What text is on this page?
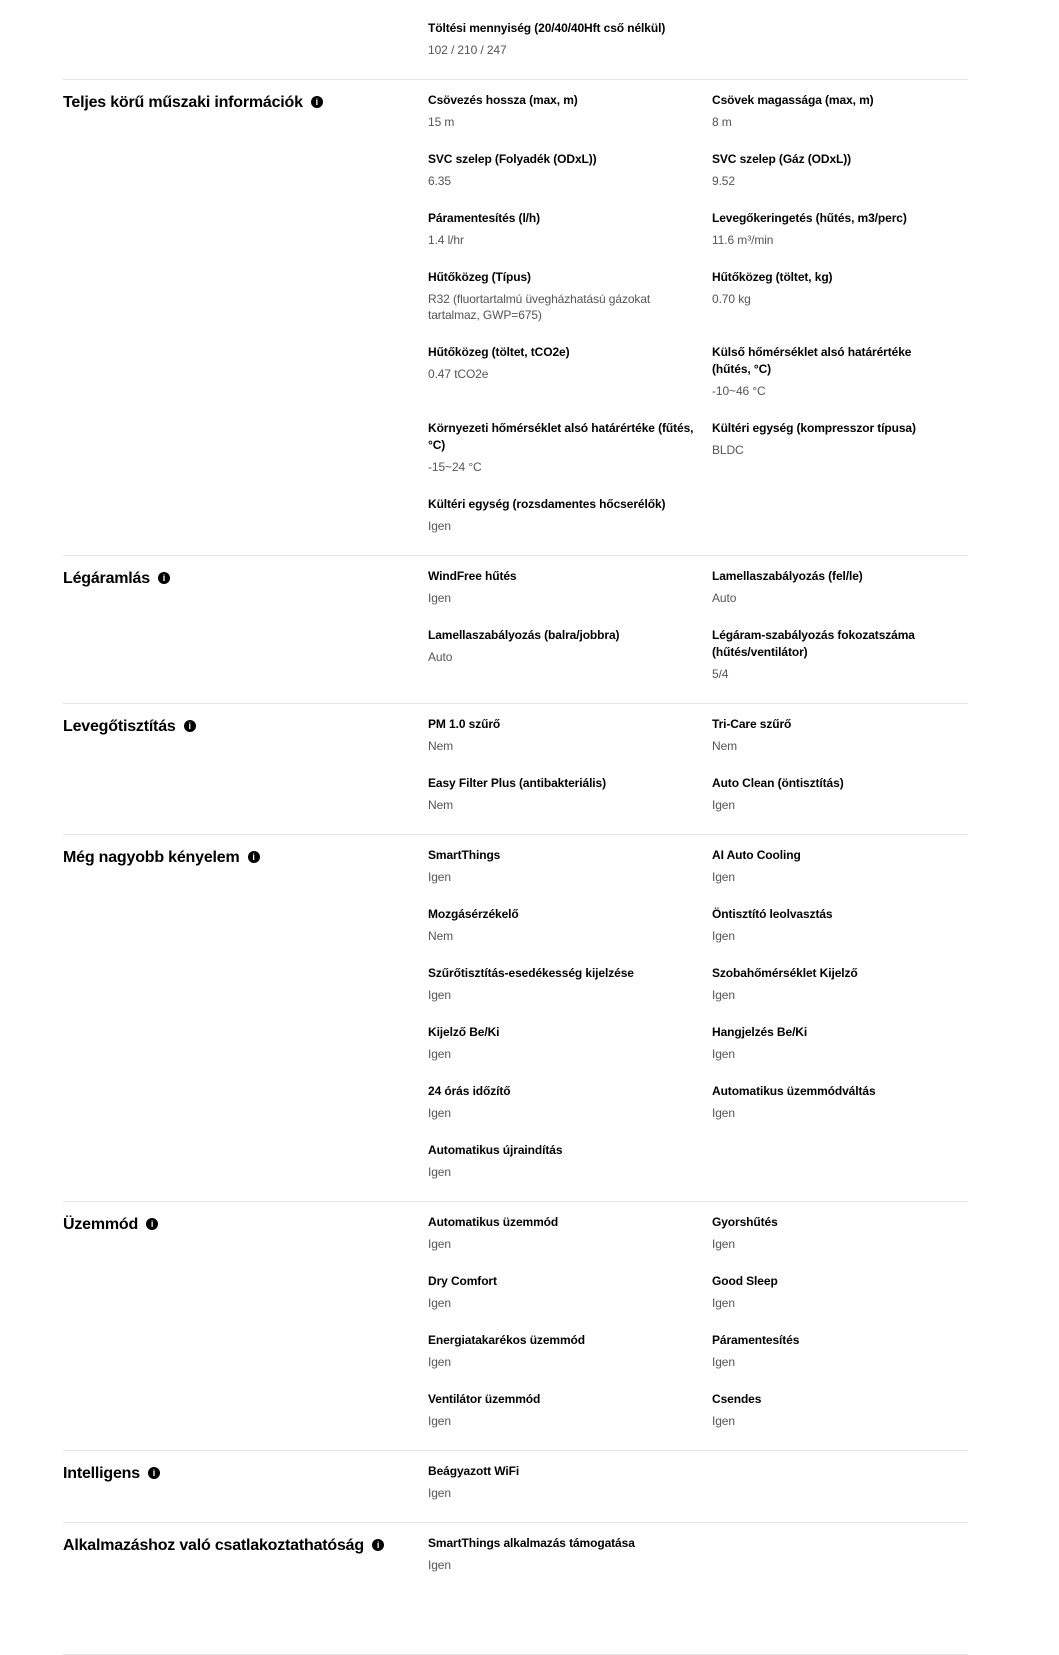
Töltési mennyiség (20/40/40Hft cső nélkül)
102 / 210 / 247
Teljes körű műszaki információk i	Csövezés hossza (max, m)
15 m
Csövek magassága (max, m)
8 m
SVC szelep (Folyadék (ODxL))
6.35
SVC szelep (Gáz (ODxL))
9.52
Páramentesítés (l/h)
1.4 l/hr
Levegőkeringetés (hűtés, m3/perc)
11.6 m³/min
Hűtőközeg (Típus)
R32 (fluortartalmú üvegházhatású gázokat tartalmaz, GWP=675)
Hűtőközeg (töltet, kg)
0.70 kg
Hűtőközeg (töltet, tCO2e)
0.47 tCO2e
Külső hőmérséklet alsó határértéke (hűtés, °C)
-10~46 °C
Környezeti hőmérséklet alsó határértéke (fűtés, °C)
-15~24 °C
Kültéri egység (kompresszor típusa)
BLDC
Kültéri egység (rozsdamentes hőcserélők)
Igen
Légáramlás i	WindFree hűtés
Igen
Lamellaszabályozás (fel/le)
Auto
Lamellaszabályozás (balra/jobbra)
Auto
Légáram-szabályozás fokozatszáma (hűtés/ventilátor)
5/4
Levegőtisztítás i	PM 1.0 szűrő
Nem
Tri-Care szűrő
Nem
Easy Filter Plus (antibakteriális)
Nem
Auto Clean (öntisztítás)
Igen
Még nagyobb kényelem i	SmartThings
Igen
AI Auto Cooling
Igen
Mozgásérzékelő
Nem
Öntisztító leolvasztás
Igen
Szűrőtisztítás-esedékesség kijelzése
Igen
Szobahőmérséklet Kijelző
Igen
Kijelző Be/Ki
Igen
Hangjelzés Be/Ki
Igen
24 órás időzítő
Igen
Automatikus üzemmódváltás
Igen
Automatikus újraindítás
Igen
Üzemmód i	Automatikus üzemmód
Igen
Gyorshűtés
Igen
Dry Comfort
Igen
Good Sleep
Igen
Energiatakarékos üzemmód
Igen
Páramentesítés
Igen
Ventilátor üzemmód
Igen
Csendes
Igen
Intelligens i	Beágyazott WiFi
Igen
Alkalmazáshoz való csatlakoztathatóság i	SmartThings alkalmazás támogatása
Igen
